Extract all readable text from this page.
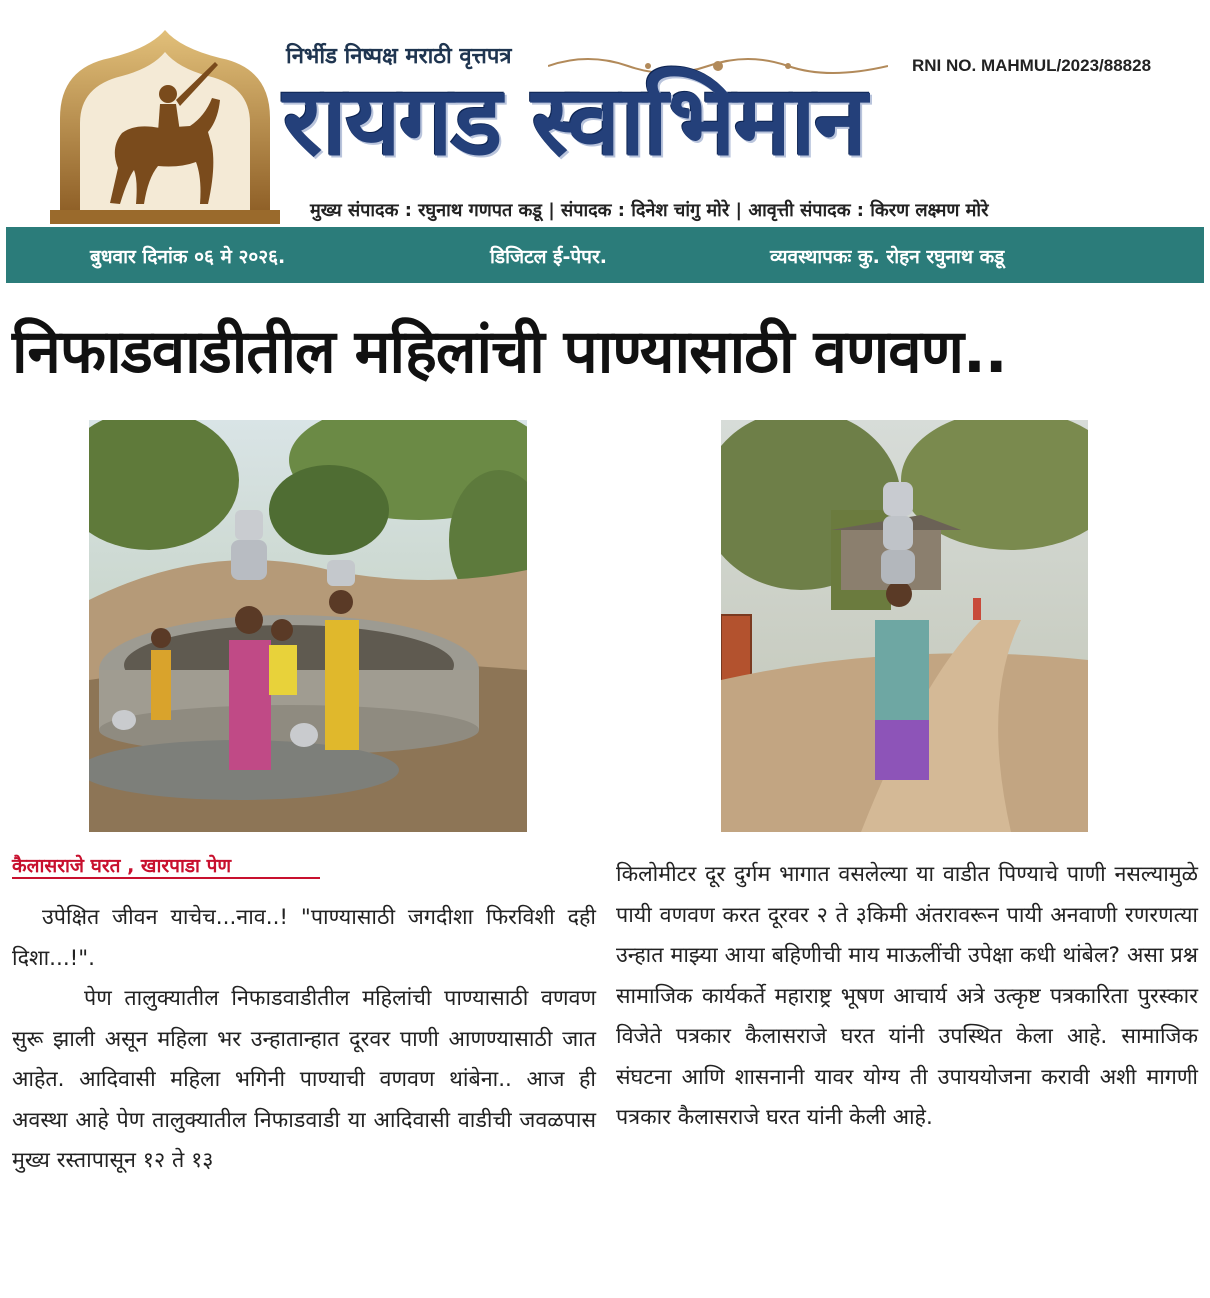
निर्भीड निष्पक्ष मराठी वृत्तपत्र	RNI NO. MAHMUL/2023/88828
रायगड स्वाभिमान
मुख्य संपादक : रघुनाथ गणपत कडू | संपादक : दिनेश चांगु मोरे | आवृत्ती संपादक : किरण लक्ष्मण मोरे
बुधवार दिनांक ०६ मे २०२६.	डिजिटल ई-पेपर.	व्यवस्थापकः कु. रोहन रघुनाथ कडू
निफाडवाडीतील महिलांची पाण्यासाठी वणवण..
कैलासराजे घरत , खारपाडा पेण

उपेक्षित जीवन याचेच...नाव..! "पाण्यासाठी जगदीशा फिरविशी दही दिशा...!".

पेण तालुक्यातील निफाडवाडीतील महिलांची पाण्यासाठी वणवण सुरू झाली असून महिला भर उन्हातान्हात दूरवर पाणी आणण्यासाठी जात आहेत. आदिवासी महिला भगिनी पाण्याची वणवण थांबेना.. आज ही अवस्था आहे पेण तालुक्यातील निफाडवाडी या आदिवासी वाडीची जवळपास मुख्य रस्तापासून १२ ते १३

किलोमीटर दूर दुर्गम भागात वसलेल्या या वाडीत पिण्याचे पाणी नसल्यामुळे पायी वणवण करत दूरवर २ ते ३किमी अंतरावरून पायी अनवाणी रणरणत्या उन्हात माझ्या आया बहिणीची माय माऊलींची उपेक्षा कधी थांबेल? असा प्रश्न सामाजिक कार्यकर्ते महाराष्ट्र भूषण आचार्य अत्रे उत्कृष्ट पत्रकारिता पुरस्कार विजेते पत्रकार कैलासराजे घरत यांनी उपस्थित केला आहे. सामाजिक संघटना आणि शासनानी यावर योग्य ती उपाययोजना करावी अशी मागणी पत्रकार कैलासराजे घरत यांनी केली आहे.
